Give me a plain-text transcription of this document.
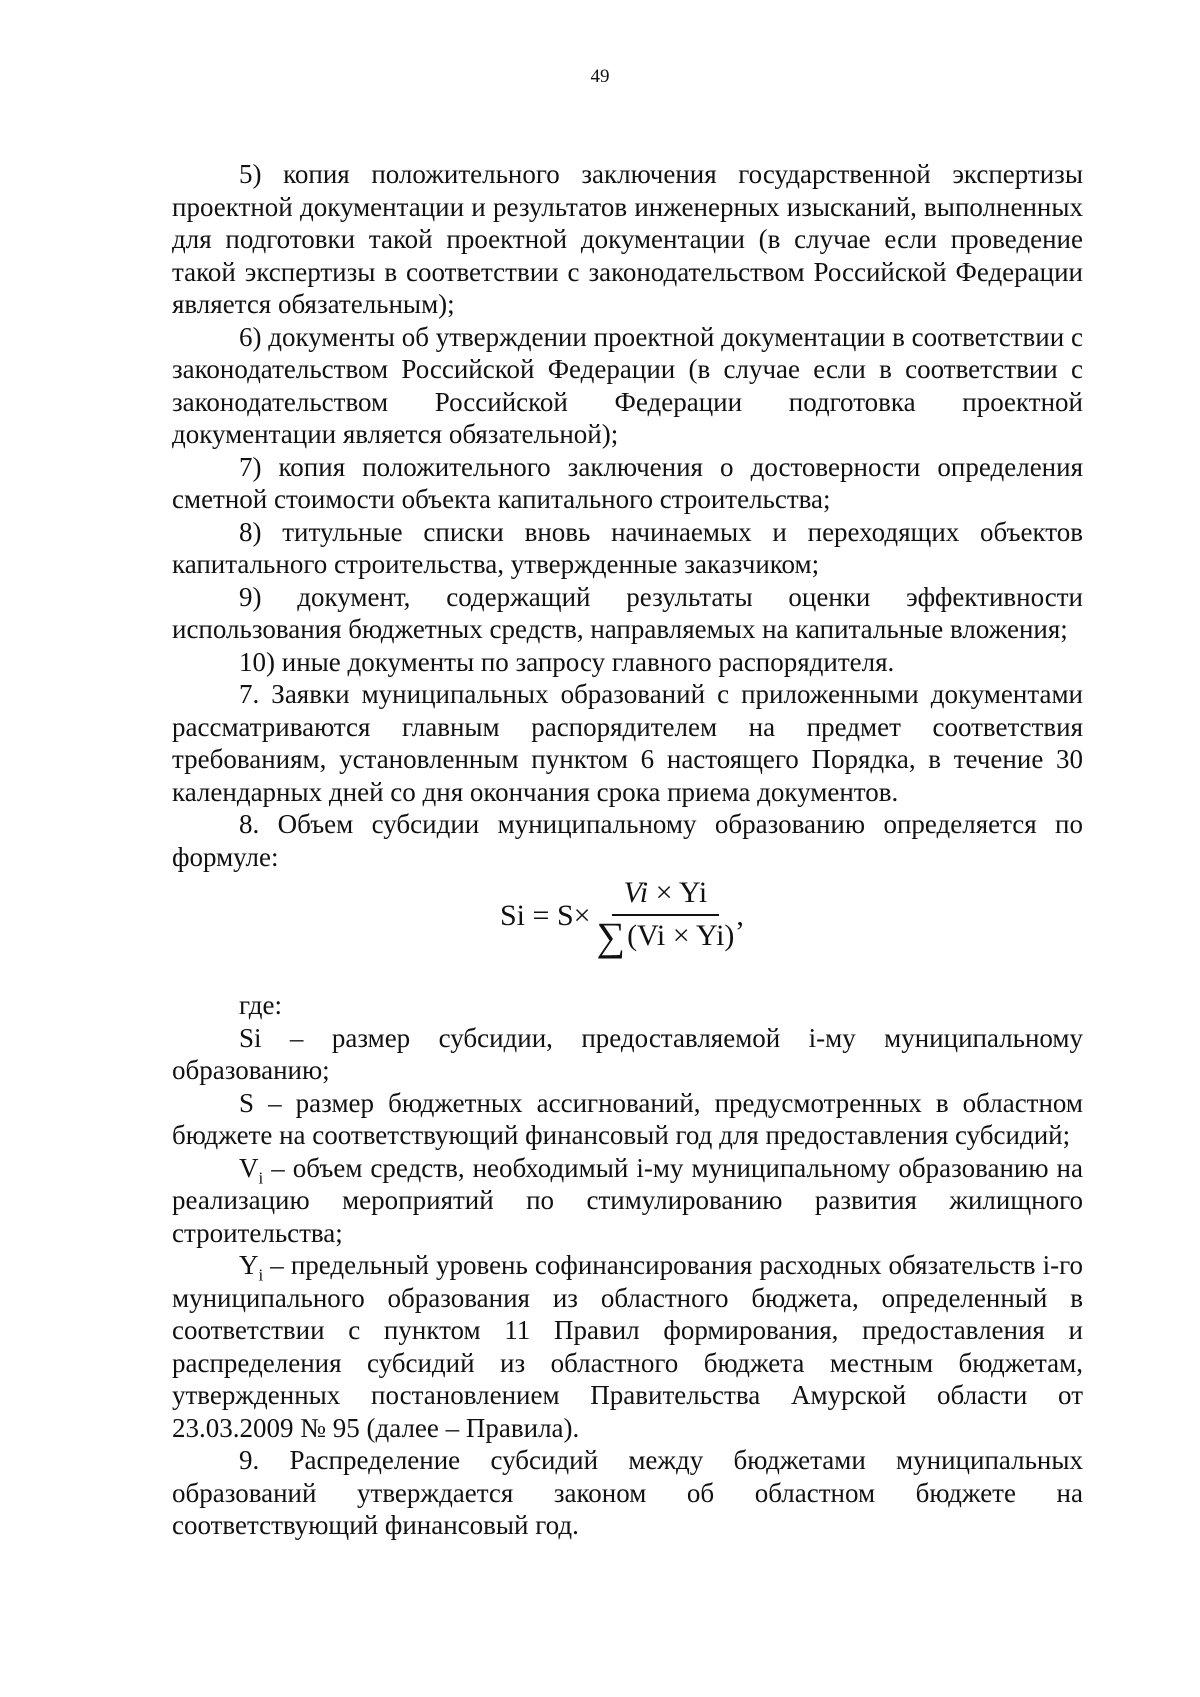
49

5) копия положительного заключения государственной экспертизы проектной документации и результатов инженерных изысканий, выполненных для подготовки такой проектной документации (в случае если проведение такой экспертизы в соответствии с законодательством Российской Федерации является обязательным);

6) документы об утверждении проектной документации в соответствии с законодательством Российской Федерации (в случае если в соответствии с законодательством Российской Федерации подготовка проектной документации является обязательной);

7) копия положительного заключения о достоверности определения сметной стоимости объекта капитального строительства;

8) титульные списки вновь начинаемых и переходящих объектов капитального строительства, утвержденные заказчиком;

9) документ, содержащий результаты оценки эффективности использования бюджетных средств, направляемых на капитальные вложения;

10) иные документы по запросу главного распорядителя.

7. Заявки муниципальных образований с приложенными документами рассматриваются главным распорядителем на предмет соответствия требованиям, установленным пунктом 6 настоящего Порядка, в течение 30 календарных дней со дня окончания срока приема документов.

8. Объем субсидии муниципальному образованию определяется по формуле:

$Si = S\times \frac{Vi \times Yi}{\sum (Vi \times Yi)}$ ,

где:

Si – размер субсидии, предоставляемой i-му муниципальному образованию;

S – размер бюджетных ассигнований, предусмотренных в областном бюджете на соответствующий финансовый год для предоставления субсидий;

$V_i$ – объем средств, необходимый i-му муниципальному образованию на реализацию мероприятий по стимулированию развития жилищного строительства;

$Y_i$ – предельный уровень софинансирования расходных обязательств i-го муниципального образования из областного бюджета, определенный в соответствии с пунктом 11 Правил формирования, предоставления и распределения субсидий из областного бюджета местным бюджетам, утвержденных постановлением Правительства Амурской области от 23.03.2009 № 95 (далее – Правила).

9. Распределение субсидий между бюджетами муниципальных образований утверждается законом об областном бюджете на соответствующий финансовый год.
